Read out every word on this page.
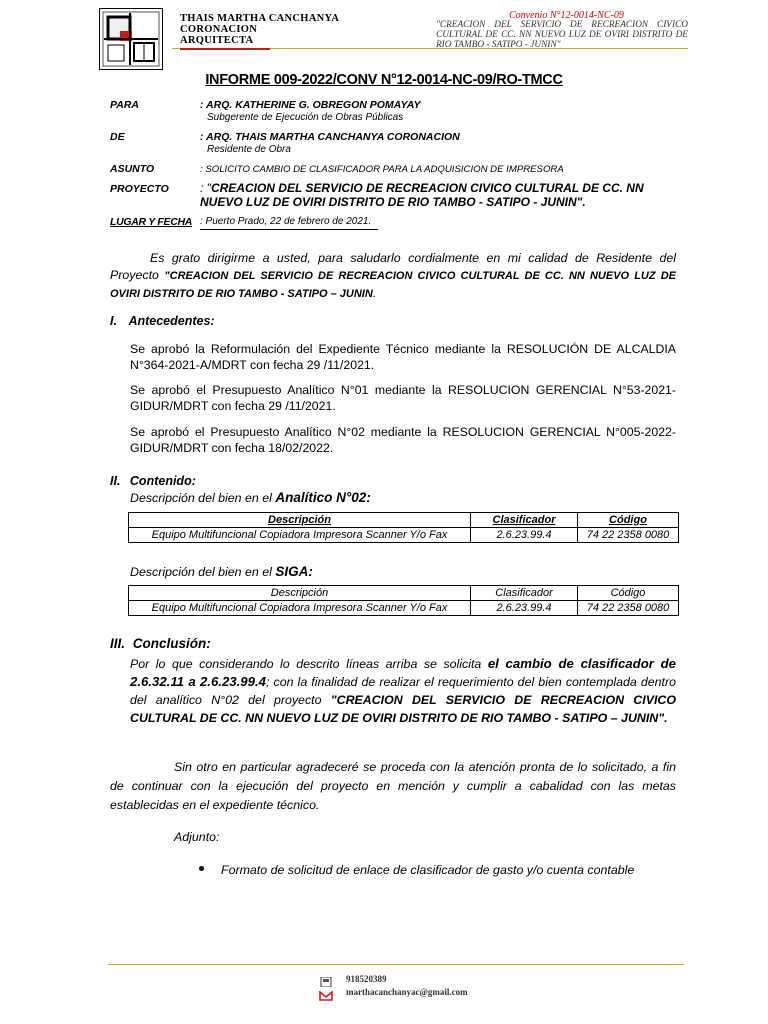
THAIS MARTHA CANCHANYA
CORONACION
ARQUITECTA
Convenio N°12-0014-NC-09
"CREACION DEL SERVICIO DE RECREACION CIVICO CULTURAL DE CC. NN NUEVO LUZ DE OVIRI DISTRITO DE RIO TAMBO - SATIPO - JUNIN"
INFORME 009-2022/CONV N°12-0014-NC-09/RO-TMCC
PARA	: ARQ. KATHERINE G. OBREGON POMAYAY
Subgerente de Ejecución de Obras Públicas
DE	: ARQ. THAIS MARTHA CANCHANYA CORONACION
Residente de Obra
ASUNTO	: SOLICITO CAMBIO DE CLASIFICADOR PARA LA ADQUISICION DE IMPRESORA
PROYECTO	: "CREACION DEL SERVICIO DE RECREACION CIVICO CULTURAL DE CC. NN NUEVO LUZ DE OVIRI DISTRITO DE RIO TAMBO - SATIPO - JUNIN".
LUGAR Y FECHA : Puerto Prado, 22 de febrero de 2021.
Es grato dirigirme a usted, para saludarlo cordialmente en mi calidad de Residente del Proyecto "CREACION DEL SERVICIO DE RECREACION CIVICO CULTURAL DE CC. NN NUEVO LUZ DE OVIRI DISTRITO DE RIO TAMBO - SATIPO – JUNIN.
I. Antecedentes:
Se aprobó la Reformulación del Expediente Técnico mediante la RESOLUCIÓN DE ALCALDIA N°364-2021-A/MDRT con fecha 29 /11/2021.
Se aprobó el Presupuesto Analítico N°01 mediante la RESOLUCION GERENCIAL N°53-2021-GIDUR/MDRT con fecha 29 /11/2021.
Se aprobó el Presupuesto Analítico N°02 mediante la RESOLUCION GERENCIAL N°005-2022-GIDUR/MDRT con fecha 18/02/2022.
II. Contenido:
Descripción del bien en el Analítico N°02:
Descripción	Clasificador	Código
Equipo Multifuncional Copiadora Impresora Scanner Y/o Fax	2.6.23.99.4	74 22 2358 0080
Descripción del bien en el SIGA:
Descripción	Clasificador	Código
Equipo Multifuncional Copiadora Impresora Scanner Y/o Fax	2.6.23.99.4	74 22 2358 0080
III. Conclusión:
Por lo que considerando lo descrito líneas arriba se solicita el cambio de clasificador de 2.6.32.11 a 2.6.23.99.4; con la finalidad de realizar el requerimiento del bien contemplada dentro del analítico N°02 del proyecto "CREACION DEL SERVICIO DE RECREACION CIVICO CULTURAL DE CC. NN NUEVO LUZ DE OVIRI DISTRITO DE RIO TAMBO - SATIPO – JUNIN".
Sin otro en particular agradeceré se proceda con la atención pronta de lo solicitado, a fin de continuar con la ejecución del proyecto en mención y cumplir a cabalidad con las metas establecidas en el expediente técnico.
Adjunto:
Formato de solicitud de enlace de clasificador de gasto y/o cuenta contable
918520389
marthacanchanyac@gmail.com
